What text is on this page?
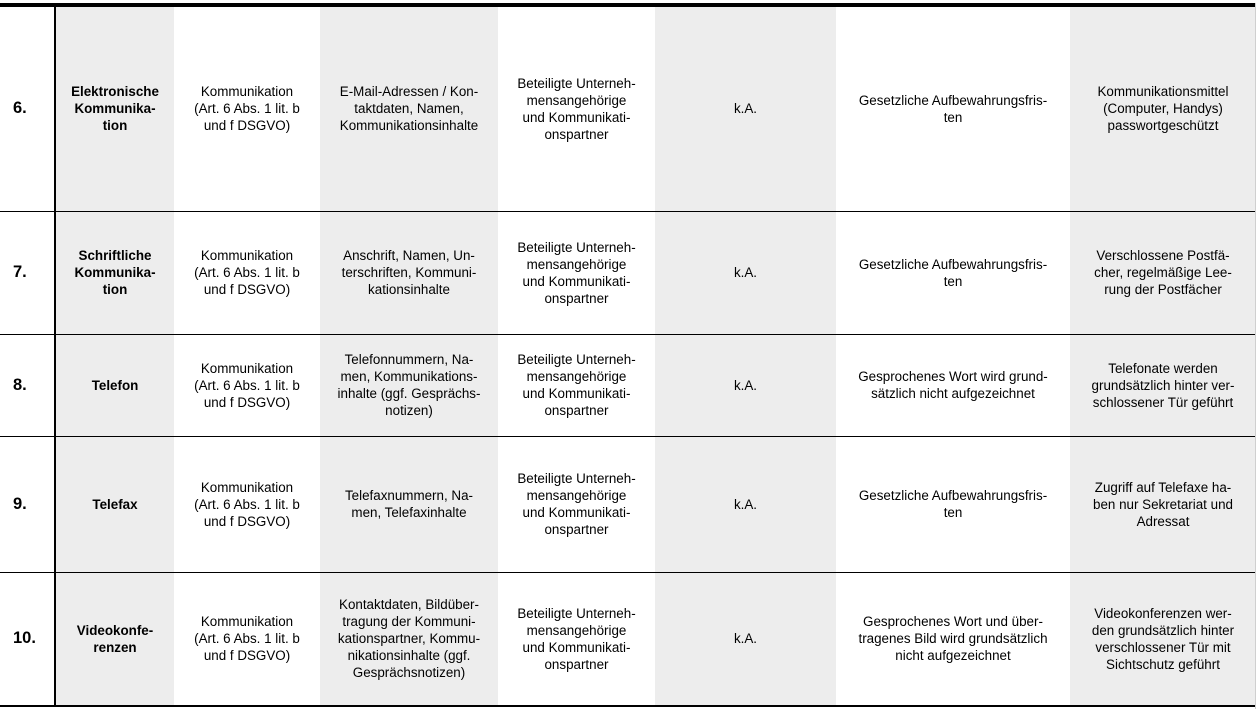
6.	Elektronische
Kommunika-
tion	Kommunikation
(Art. 6 Abs. 1 lit. b
und f DSGVO)	E-Mail-Adressen / Kon-
taktdaten, Namen,
Kommunikationsinhalte	Beteiligte Unterneh-
mensangehörige
und Kommunikati-
onspartner	k.A.	Gesetzliche Aufbewahrungsfris-
ten	Kommunikationsmittel
(Computer, Handys)
passwortgeschützt
7.	Schriftliche
Kommunika-
tion	Kommunikation
(Art. 6 Abs. 1 lit. b
und f DSGVO)	Anschrift, Namen, Un-
terschriften, Kommuni-
kationsinhalte	Beteiligte Unterneh-
mensangehörige
und Kommunikati-
onspartner	k.A.	Gesetzliche Aufbewahrungsfris-
ten	Verschlossene Postfä-
cher, regelmäßige Lee-
rung der Postfächer
8.	Telefon	Kommunikation
(Art. 6 Abs. 1 lit. b
und f DSGVO)	Telefonnummern, Na-
men, Kommunikations-
inhalte (ggf. Gesprächs-
notizen)	Beteiligte Unterneh-
mensangehörige
und Kommunikati-
onspartner	k.A.	Gesprochenes Wort wird grund-
sätzlich nicht aufgezeichnet	Telefonate werden
grundsätzlich hinter ver-
schlossener Tür geführt
9.	Telefax	Kommunikation
(Art. 6 Abs. 1 lit. b
und f DSGVO)	Telefaxnummern, Na-
men, Telefaxinhalte	Beteiligte Unterneh-
mensangehörige
und Kommunikati-
onspartner	k.A.	Gesetzliche Aufbewahrungsfris-
ten	Zugriff auf Telefaxe ha-
ben nur Sekretariat und
Adressat
10.	Videokonfe-
renzen	Kommunikation
(Art. 6 Abs. 1 lit. b
und f DSGVO)	Kontaktdaten, Bildüber-
tragung der Kommuni-
kationspartner, Kommu-
nikationsinhalte (ggf.
Gesprächsnotizen)	Beteiligte Unterneh-
mensangehörige
und Kommunikati-
onspartner	k.A.	Gesprochenes Wort und über-
tragenes Bild wird grundsätzlich
nicht aufgezeichnet	Videokonferenzen wer-
den grundsätzlich hinter
verschlossener Tür mit
Sichtschutz geführt
